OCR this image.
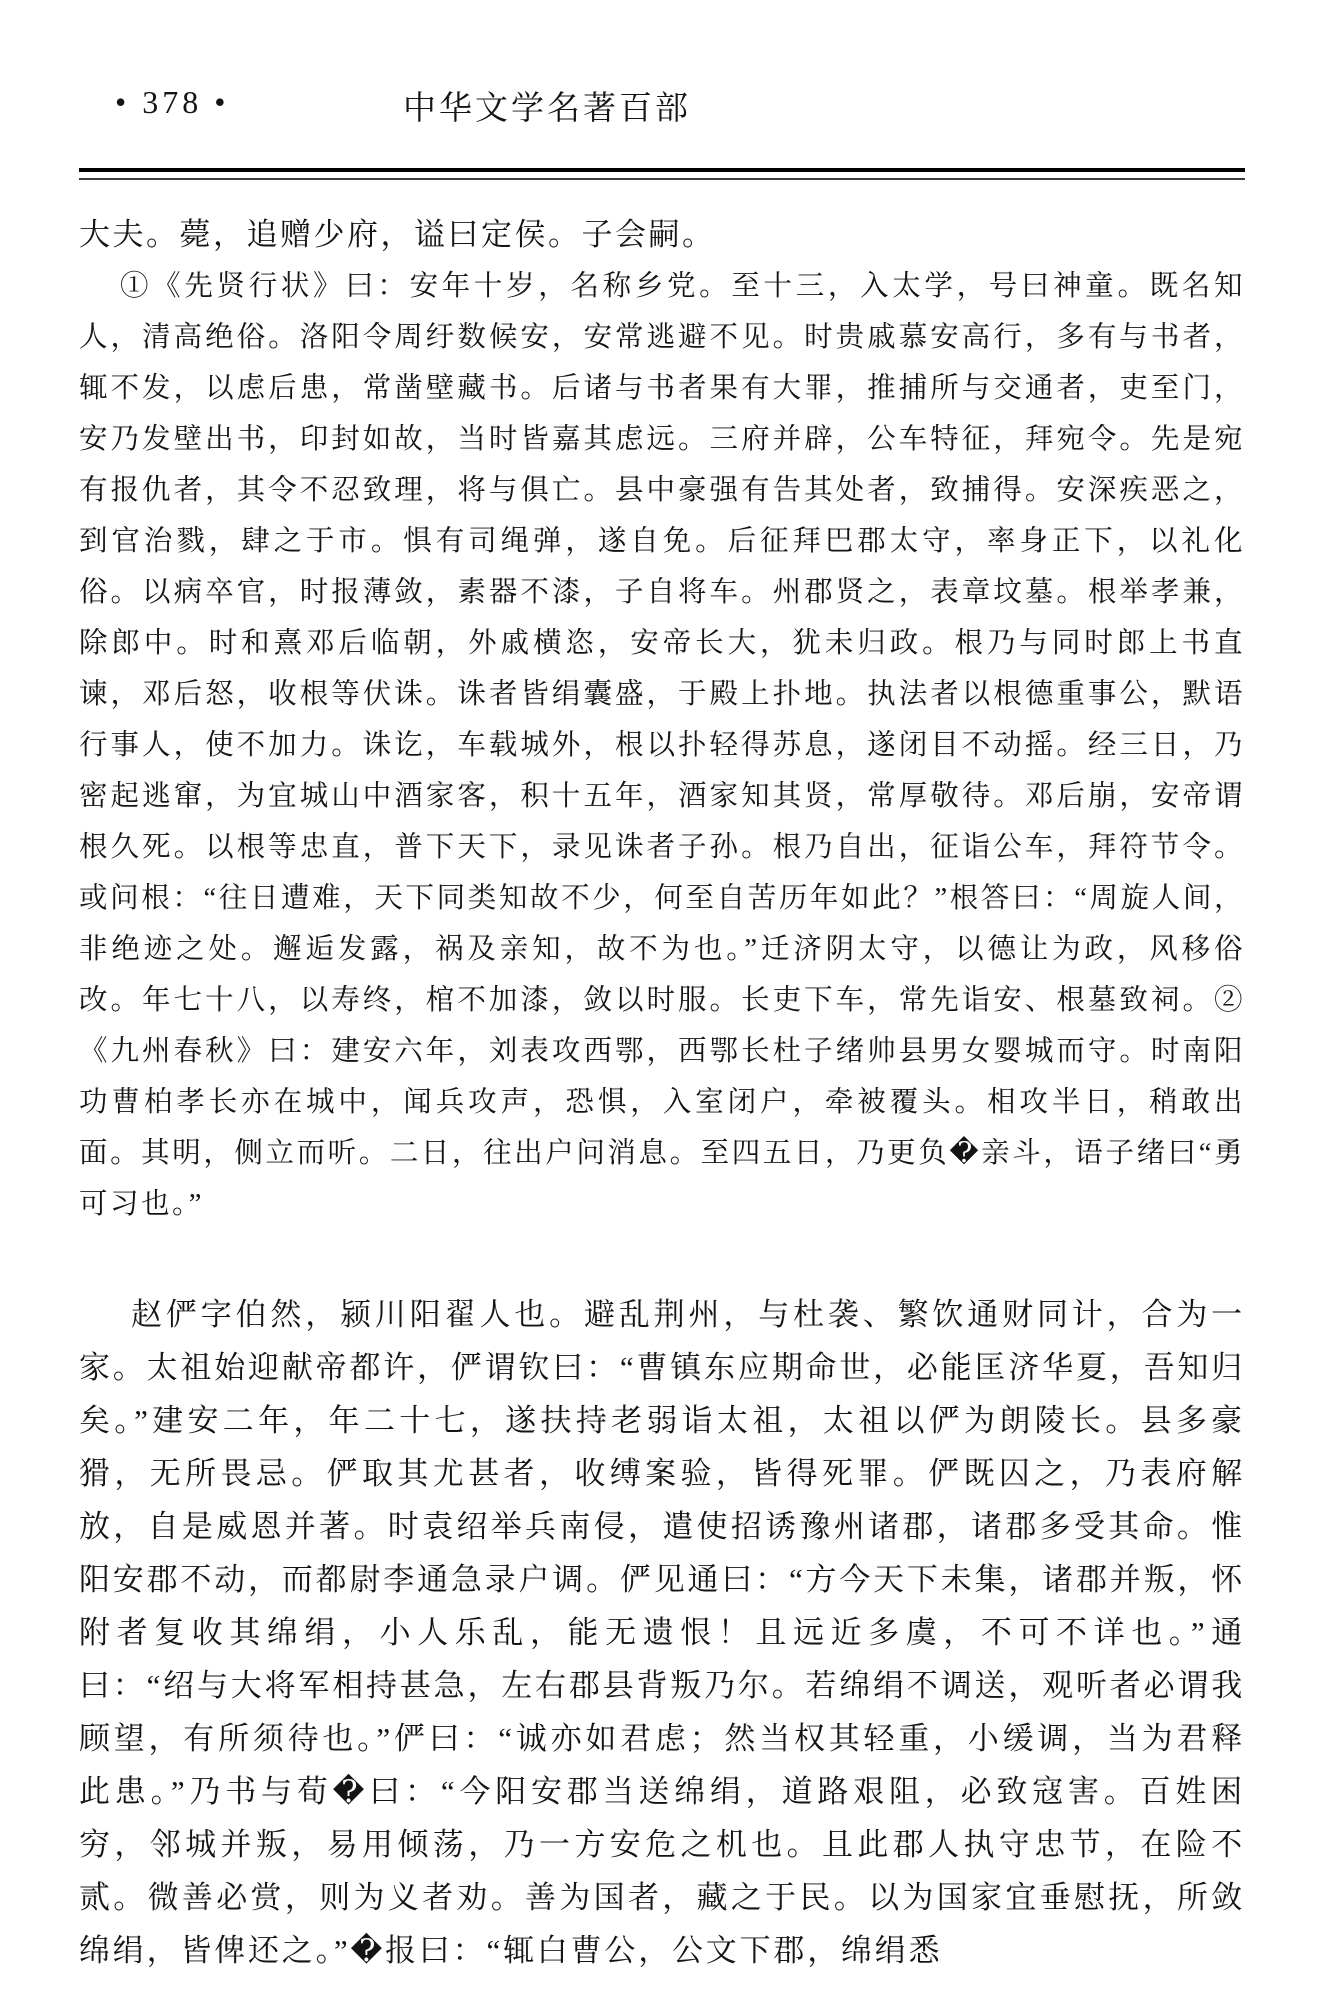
• 378 •	中华文学名著百部

大夫。薨，追赠少府，谥曰定侯。子会嗣。

①《先贤行状》曰：安年十岁，名称乡党。至十三，入太学，号曰神童。既名知人，清高绝俗。洛阳令周纡数候安，安常逃避不见。时贵戚慕安高行，多有与书者，辄不发，以虑后患，常凿壁藏书。后诸与书者果有大罪，推捕所与交通者，吏至门，安乃发壁出书，印封如故，当时皆嘉其虑远。三府并辟，公车特征，拜宛令。先是宛有报仇者，其令不忍致理，将与俱亡。县中豪强有告其处者，致捕得。安深疾恶之，到官治戮，肆之于市。惧有司绳弹，遂自免。后征拜巴郡太守，率身正下，以礼化俗。以病卒官，时报薄敛，素器不漆，子自将车。州郡贤之，表章坟墓。根举孝兼，除郎中。时和熹邓后临朝，外戚横恣，安帝长大，犹未归政。根乃与同时郎上书直谏，邓后怒，收根等伏诛。诛者皆绢囊盛，于殿上扑地。执法者以根德重事公，默语行事人，使不加力。诛讫，车载城外，根以扑轻得苏息，遂闭目不动摇。经三日，乃密起逃窜，为宜城山中酒家客，积十五年，酒家知其贤，常厚敬待。邓后崩，安帝谓根久死。以根等忠直，普下天下，录见诛者子孙。根乃自出，征诣公车，拜符节令。或问根：“往日遭难，天下同类知故不少，何至自苦历年如此？”根答曰：“周旋人间，非绝迹之处。邂逅发露，祸及亲知，故不为也。”迁济阴太守，以德让为政，风移俗改。年七十八，以寿终，棺不加漆，敛以时服。长吏下车，常先诣安、根墓致祠。②《九州春秋》曰：建安六年，刘表攻西鄂，西鄂长杜子绪帅县男女婴城而守。时南阳功曹柏孝长亦在城中，闻兵攻声，恐惧，入室闭户，牵被覆头。相攻半日，稍敢出面。其明，侧立而听。二日，往出户问消息。至四五日，乃更负�亲斗，语子绪曰“勇可习也。”

赵俨字伯然，颍川阳翟人也。避乱荆州，与杜袭、繁饮通财同计，合为一家。太祖始迎献帝都许，俨谓钦曰：“曹镇东应期命世，必能匡济华夏，吾知归矣。”建安二年，年二十七，遂扶持老弱诣太祖，太祖以俨为朗陵长。县多豪猾，无所畏忌。俨取其尤甚者，收缚案验，皆得死罪。俨既囚之，乃表府解放，自是威恩并著。时袁绍举兵南侵，遣使招诱豫州诸郡，诸郡多受其命。惟阳安郡不动，而都尉李通急录户调。俨见通曰：“方今天下未集，诸郡并叛，怀附者复收其绵绢，小人乐乱，能无遗恨！且远近多虞，不可不详也。”通曰：“绍与大将军相持甚急，左右郡县背叛乃尔。若绵绢不调送，观听者必谓我顾望，有所须待也。”俨曰：“诚亦如君虑；然当权其轻重，小缓调，当为君释此患。”乃书与荀�曰：“今阳安郡当送绵绢，道路艰阻，必致寇害。百姓困穷，邻城并叛，易用倾荡，乃一方安危之机也。且此郡人执守忠节，在险不贰。微善必赏，则为义者劝。善为国者，藏之于民。以为国家宜垂慰抚，所敛绵绢，皆俾还之。”�报曰：“辄白曹公，公文下郡，绵绢悉
